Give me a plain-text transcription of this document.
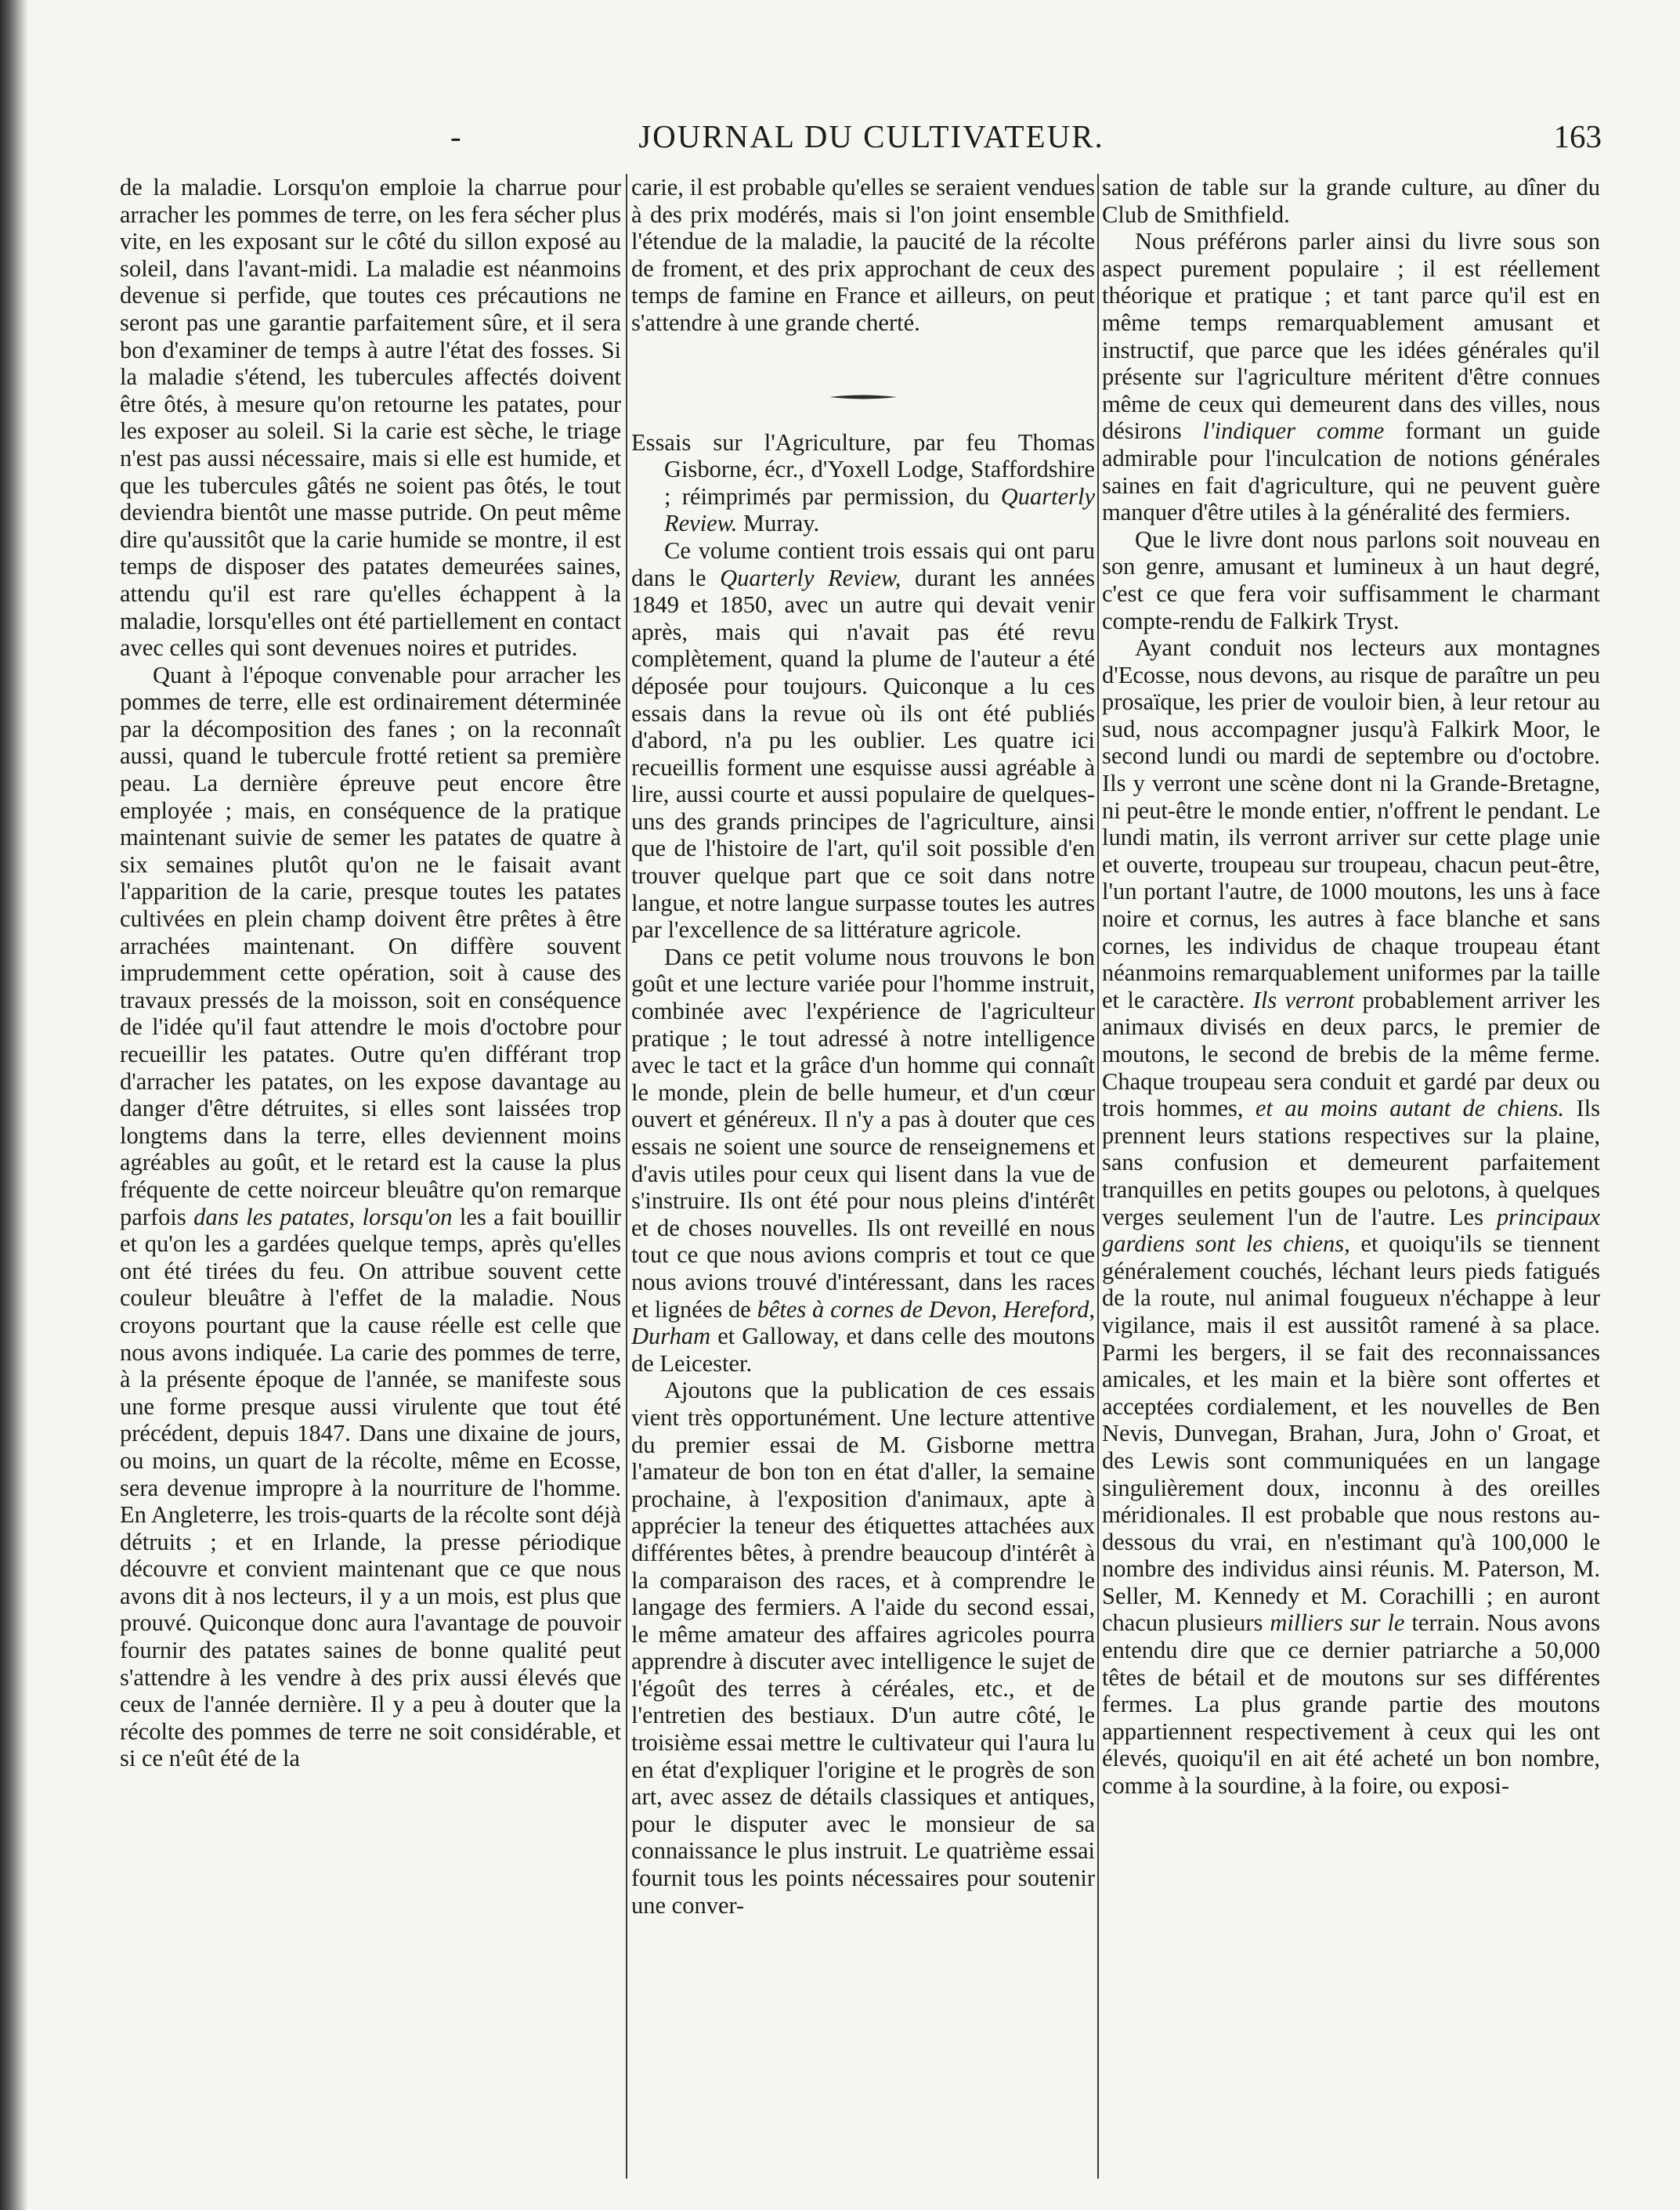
-	JOURNAL DU CULTIVATEUR.	163

de la maladie. Lorsqu'on emploie la charrue pour arracher les pommes de terre, on les fera sécher plus vite, en les exposant sur le côté du sillon exposé au soleil, dans l'avant-midi. La maladie est néanmoins devenue si perfide, que toutes ces précautions ne seront pas une garantie parfaitement sûre, et il sera bon d'examiner de temps à autre l'état des fosses. Si la maladie s'étend, les tubercules affectés doivent être ôtés, à mesure qu'on retourne les patates, pour les exposer au soleil. Si la carie est sèche, le triage n'est pas aussi nécessaire, mais si elle est humide, et que les tubercules gâtés ne soient pas ôtés, le tout deviendra bientôt une masse putride. On peut même dire qu'aussitôt que la carie humide se montre, il est temps de disposer des patates demeurées saines, attendu qu'il est rare qu'elles échappent à la maladie, lorsqu'elles ont été partiellement en contact avec celles qui sont devenues noires et putrides.

Quant à l'époque convenable pour arracher les pommes de terre, elle est ordinairement déterminée par la décomposition des fanes ; on la reconnaît aussi, quand le tubercule frotté retient sa première peau. La dernière épreuve peut encore être employée ; mais, en conséquence de la pratique maintenant suivie de semer les patates de quatre à six semaines plutôt qu'on ne le faisait avant l'apparition de la carie, presque toutes les patates cultivées en plein champ doivent être prêtes à être arrachées maintenant. On diffère souvent imprudemment cette opération, soit à cause des travaux pressés de la moisson, soit en conséquence de l'idée qu'il faut attendre le mois d'octobre pour recueillir les patates. Outre qu'en différant trop d'arracher les patates, on les expose davantage au danger d'être détruites, si elles sont laissées trop longtems dans la terre, elles deviennent moins agréables au goût, et le retard est la cause la plus fréquente de cette noirceur bleuâtre qu'on remarque parfois dans les patates, lorsqu'on les a fait bouillir et qu'on les a gardées quelque temps, après qu'elles ont été tirées du feu. On attribue souvent cette couleur bleuâtre à l'effet de la maladie. Nous croyons pourtant que la cause réelle est celle que nous avons indiquée. La carie des pommes de terre, à la présente époque de l'année, se manifeste sous une forme presque aussi virulente que tout été précédent, depuis 1847. Dans une dixaine de jours, ou moins, un quart de la récolte, même en Ecosse, sera devenue impropre à la nourriture de l'homme. En Angleterre, les trois-quarts de la récolte sont déjà détruits ; et en Irlande, la presse périodique découvre et convient maintenant que ce que nous avons dit à nos lecteurs, il y a un mois, est plus que prouvé. Quiconque donc aura l'avantage de pouvoir fournir des patates saines de bonne qualité peut s'attendre à les vendre à des prix aussi élevés que ceux de l'année dernière. Il y a peu à douter que la récolte des pommes de terre ne soit considérable, et si ce n'eût été de la

carie, il est probable qu'elles se seraient vendues à des prix modérés, mais si l'on joint ensemble l'étendue de la maladie, la paucité de la récolte de froment, et des prix approchant de ceux des temps de famine en France et ailleurs, on peut s'attendre à une grande cherté.

Essais sur l'Agriculture, par feu Thomas Gisborne, écr., d'Yoxell Lodge, Staffordshire ; réimprimés par permission, du Quarterly Review. Murray.

Ce volume contient trois essais qui ont paru dans le Quarterly Review, durant les années 1849 et 1850, avec un autre qui devait venir après, mais qui n'avait pas été revu complètement, quand la plume de l'auteur a été déposée pour toujours. Quiconque a lu ces essais dans la revue où ils ont été publiés d'abord, n'a pu les oublier. Les quatre ici recueillis forment une esquisse aussi agréable à lire, aussi courte et aussi populaire de quelques-uns des grands principes de l'agriculture, ainsi que de l'histoire de l'art, qu'il soit possible d'en trouver quelque part que ce soit dans notre langue, et notre langue surpasse toutes les autres par l'excellence de sa littérature agricole.

Dans ce petit volume nous trouvons le bon goût et une lecture variée pour l'homme instruit, combinée avec l'expérience de l'agriculteur pratique ; le tout adressé à notre intelligence avec le tact et la grâce d'un homme qui connaît le monde, plein de belle humeur, et d'un cœur ouvert et généreux. Il n'y a pas à douter que ces essais ne soient une source de renseignemens et d'avis utiles pour ceux qui lisent dans la vue de s'instruire. Ils ont été pour nous pleins d'intérêt et de choses nouvelles. Ils ont reveillé en nous tout ce que nous avions compris et tout ce que nous avions trouvé d'intéressant, dans les races et lignées de bêtes à cornes de Devon, Hereford, Durham et Galloway, et dans celle des moutons de Leicester.

Ajoutons que la publication de ces essais vient très opportunément. Une lecture attentive du premier essai de M. Gisborne mettra l'amateur de bon ton en état d'aller, la semaine prochaine, à l'exposition d'animaux, apte à apprécier la teneur des étiquettes attachées aux différentes bêtes, à prendre beaucoup d'intérêt à la comparaison des races, et à comprendre le langage des fermiers. A l'aide du second essai, le même amateur des affaires agricoles pourra apprendre à discuter avec intelligence le sujet de l'égoût des terres à céréales, etc., et de l'entretien des bestiaux. D'un autre côté, le troisième essai mettre le cultivateur qui l'aura lu en état d'expliquer l'origine et le progrès de son art, avec assez de détails classiques et antiques, pour le disputer avec le monsieur de sa connaissance le plus instruit. Le quatrième essai fournit tous les points nécessaires pour soutenir une conver-

sation de table sur la grande culture, au dîner du Club de Smithfield.

Nous préférons parler ainsi du livre sous son aspect purement populaire ; il est réellement théorique et pratique ; et tant parce qu'il est en même temps remarquablement amusant et instructif, que parce que les idées générales qu'il présente sur l'agriculture méritent d'être connues même de ceux qui demeurent dans des villes, nous désirons l'indiquer comme formant un guide admirable pour l'inculcation de notions générales saines en fait d'agriculture, qui ne peuvent guère manquer d'être utiles à la généralité des fermiers.

Que le livre dont nous parlons soit nouveau en son genre, amusant et lumineux à un haut degré, c'est ce que fera voir suffisamment le charmant compte-rendu de Falkirk Tryst.

Ayant conduit nos lecteurs aux montagnes d'Ecosse, nous devons, au risque de paraître un peu prosaïque, les prier de vouloir bien, à leur retour au sud, nous accompagner jusqu'à Falkirk Moor, le second lundi ou mardi de septembre ou d'octobre. Ils y verront une scène dont ni la Grande-Bretagne, ni peut-être le monde entier, n'offrent le pendant. Le lundi matin, ils verront arriver sur cette plage unie et ouverte, troupeau sur troupeau, chacun peut-être, l'un portant l'autre, de 1000 moutons, les uns à face noire et cornus, les autres à face blanche et sans cornes, les individus de chaque troupeau étant néanmoins remarquablement uniformes par la taille et le caractère. Ils verront probablement arriver les animaux divisés en deux parcs, le premier de moutons, le second de brebis de la même ferme. Chaque troupeau sera conduit et gardé par deux ou trois hommes, et au moins autant de chiens. Ils prennent leurs stations respectives sur la plaine, sans confusion et demeurent parfaitement tranquilles en petits goupes ou pelotons, à quelques verges seulement l'un de l'autre. Les principaux gardiens sont les chiens, et quoiqu'ils se tiennent généralement couchés, léchant leurs pieds fatigués de la route, nul animal fougueux n'échappe à leur vigilance, mais il est aussitôt ramené à sa place. Parmi les bergers, il se fait des reconnaissances amicales, et les main et la bière sont offertes et acceptées cordialement, et les nouvelles de Ben Nevis, Dunvegan, Brahan, Jura, John o' Groat, et des Lewis sont communiquées en un langage singulièrement doux, inconnu à des oreilles méridionales. Il est probable que nous restons au-dessous du vrai, en n'estimant qu'à 100,000 le nombre des individus ainsi réunis. M. Paterson, M. Seller, M. Kennedy et M. Corachilli ; en auront chacun plusieurs milliers sur le terrain. Nous avons entendu dire que ce dernier patriarche a 50,000 têtes de bétail et de moutons sur ses différentes fermes. La plus grande partie des moutons appartiennent respectivement à ceux qui les ont élevés, quoiqu'il en ait été acheté un bon nombre, comme à la sourdine, à la foire, ou exposi-
